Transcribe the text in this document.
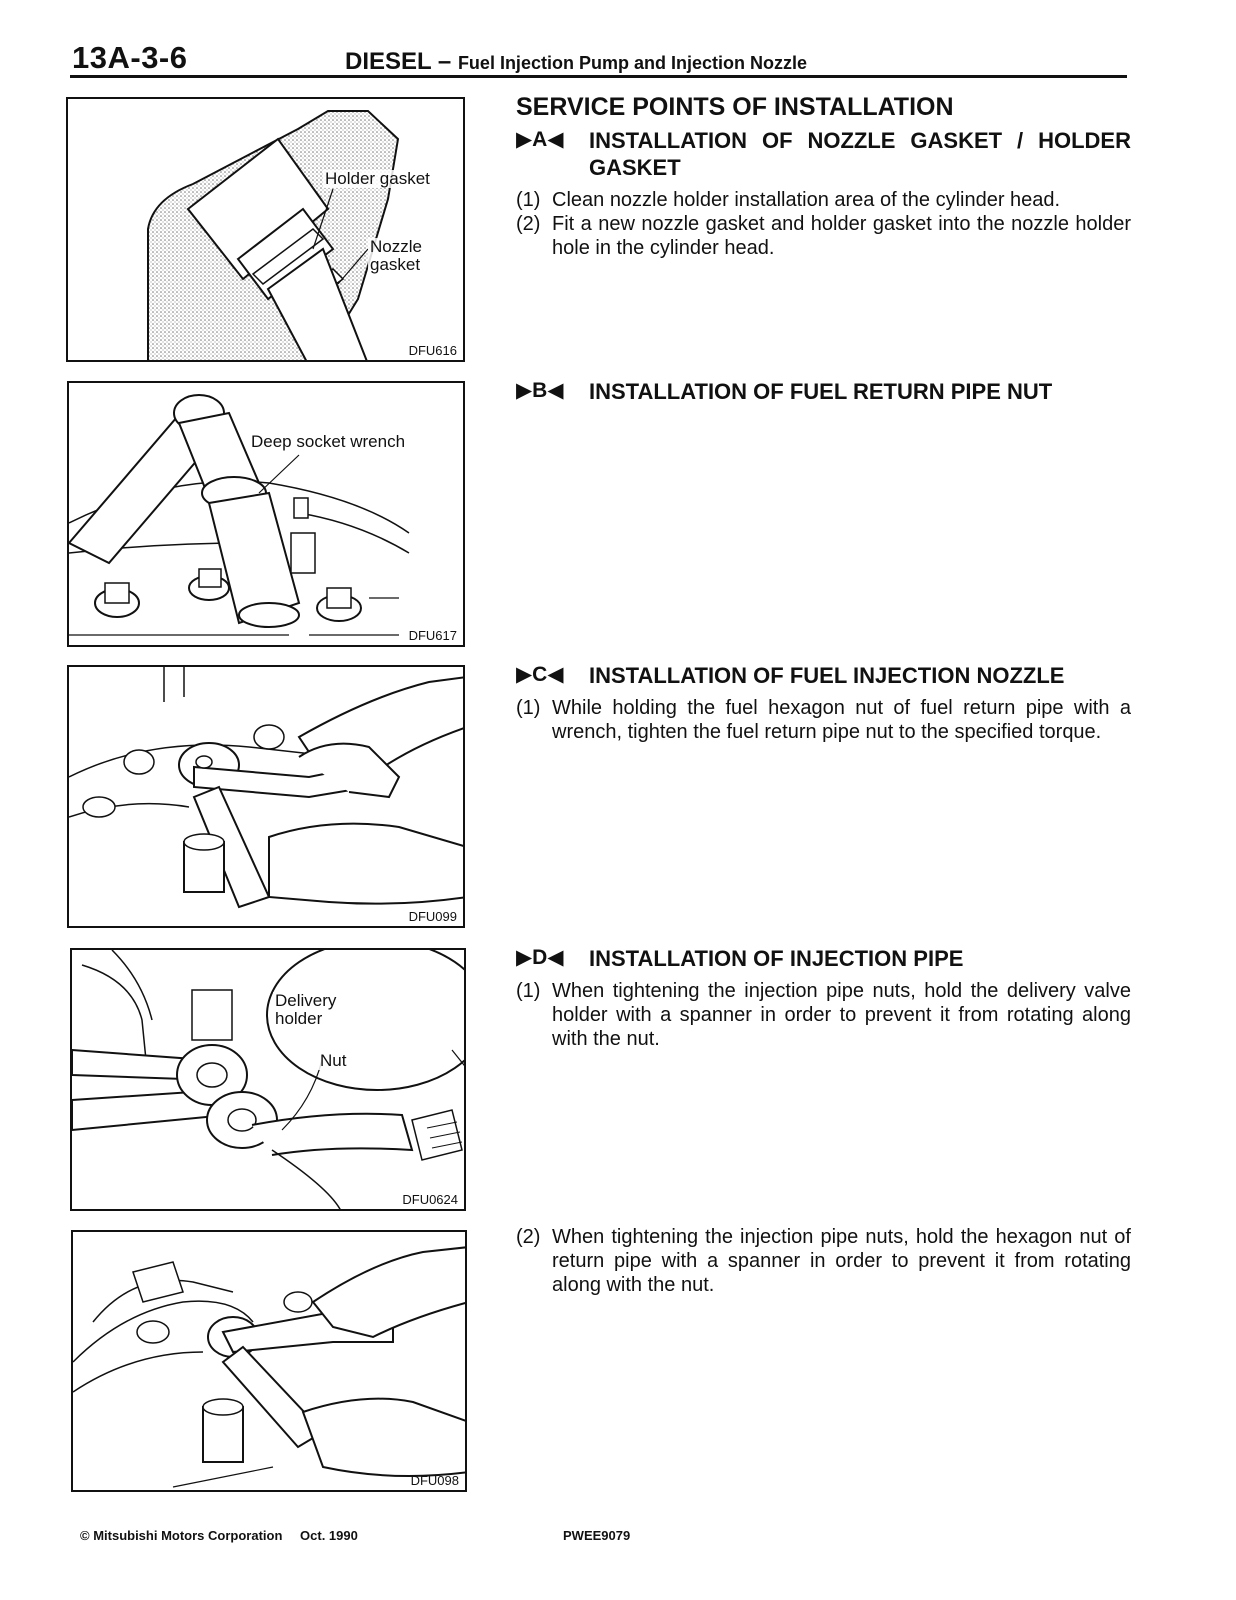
13A-3-6	DIESEL – Fuel Injection Pump and Injection Nozzle
Holder gasket
Nozzle
gasket
DFU616
Deep socket wrench
DFU617
DFU099
Delivery
holder
Nut
DFU0624
DFU098
SERVICE POINTS OF INSTALLATION
▶A◀ INSTALLATION OF NOZZLE GASKET / HOLDER GASKET
(1) Clean nozzle holder installation area of the cylinder head.
(2) Fit a new nozzle gasket and holder gasket into the nozzle holder hole in the cylinder head.
▶B◀ INSTALLATION OF FUEL RETURN PIPE NUT
▶C◀ INSTALLATION OF FUEL INJECTION NOZZLE
(1) While holding the fuel hexagon nut of fuel return pipe with a wrench, tighten the fuel return pipe nut to the specified torque.
▶D◀ INSTALLATION OF INJECTION PIPE
(1) When tightening the injection pipe nuts, hold the delivery valve holder with a spanner in order to prevent it from rotating along with the nut.
(2) When tightening the injection pipe nuts, hold the hexagon nut of return pipe with a spanner in order to prevent it from rotating along with the nut.
© Mitsubishi Motors Corporation Oct. 1990	PWEE9079
